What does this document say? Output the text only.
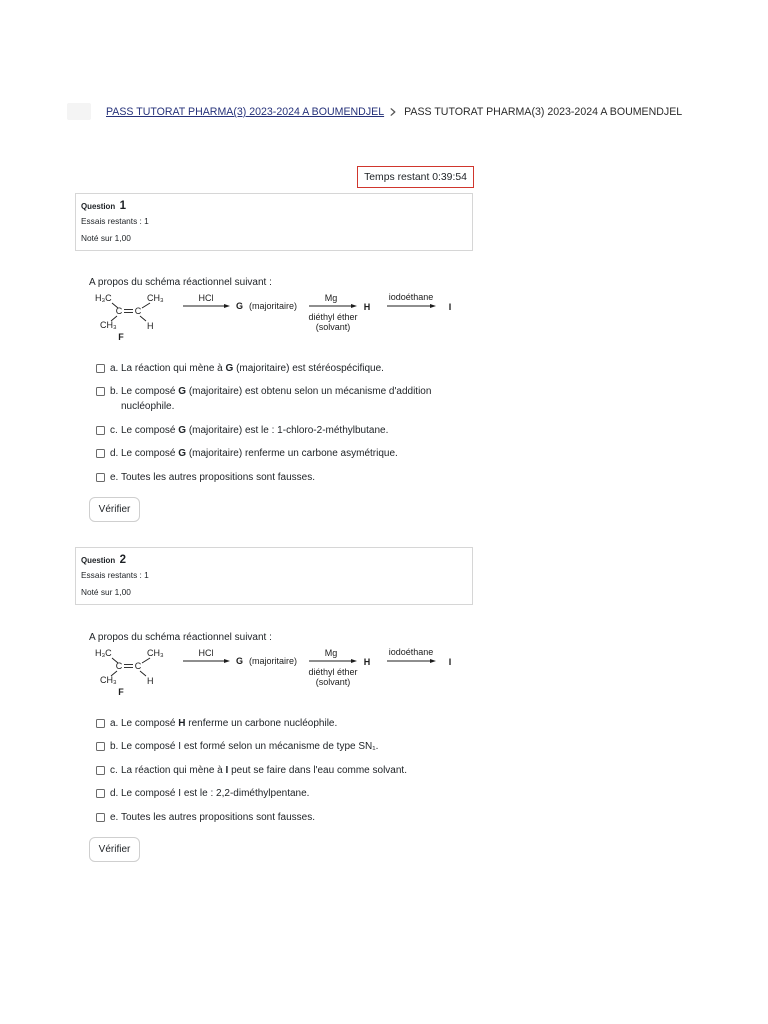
PASS TUTORAT PHARMA(3) 2023-2024 A BOUMENDJEL PASS TUTORAT PHARMA(3) 2023-2024 A BOUMENDJEL
Temps restant 0:39:54
Question 1
Essais restants : 1
Noté sur 1,00
A propos du schéma réactionnel suivant :
H₃C	CH₃
C C
CH₃	H
F
HCl
G (majoritaire)
Mg
diéthyl éther
(solvant)
H
iodoéthane
I
a. La réaction qui mène à G (majoritaire) est stéréospécifique.
b. Le composé G (majoritaire) est obtenu selon un mécanisme d'addition nucléophile.
c. Le composé G (majoritaire) est le : 1-chloro-2-méthylbutane.
d. Le composé G (majoritaire) renferme un carbone asymétrique.
e. Toutes les autres propositions sont fausses.
Vérifier
Question 2
Essais restants : 1
Noté sur 1,00
A propos du schéma réactionnel suivant :
H₃C	CH₃
C C
CH₃	H
F
HCl
G (majoritaire)
Mg
diéthyl éther
(solvant)
H
iodoéthane
I
a. Le composé H renferme un carbone nucléophile.
b. Le composé I est formé selon un mécanisme de type SN₁.
c. La réaction qui mène à I peut se faire dans l'eau comme solvant.
d. Le composé I est le : 2,2-diméthylpentane.
e. Toutes les autres propositions sont fausses.
Vérifier
